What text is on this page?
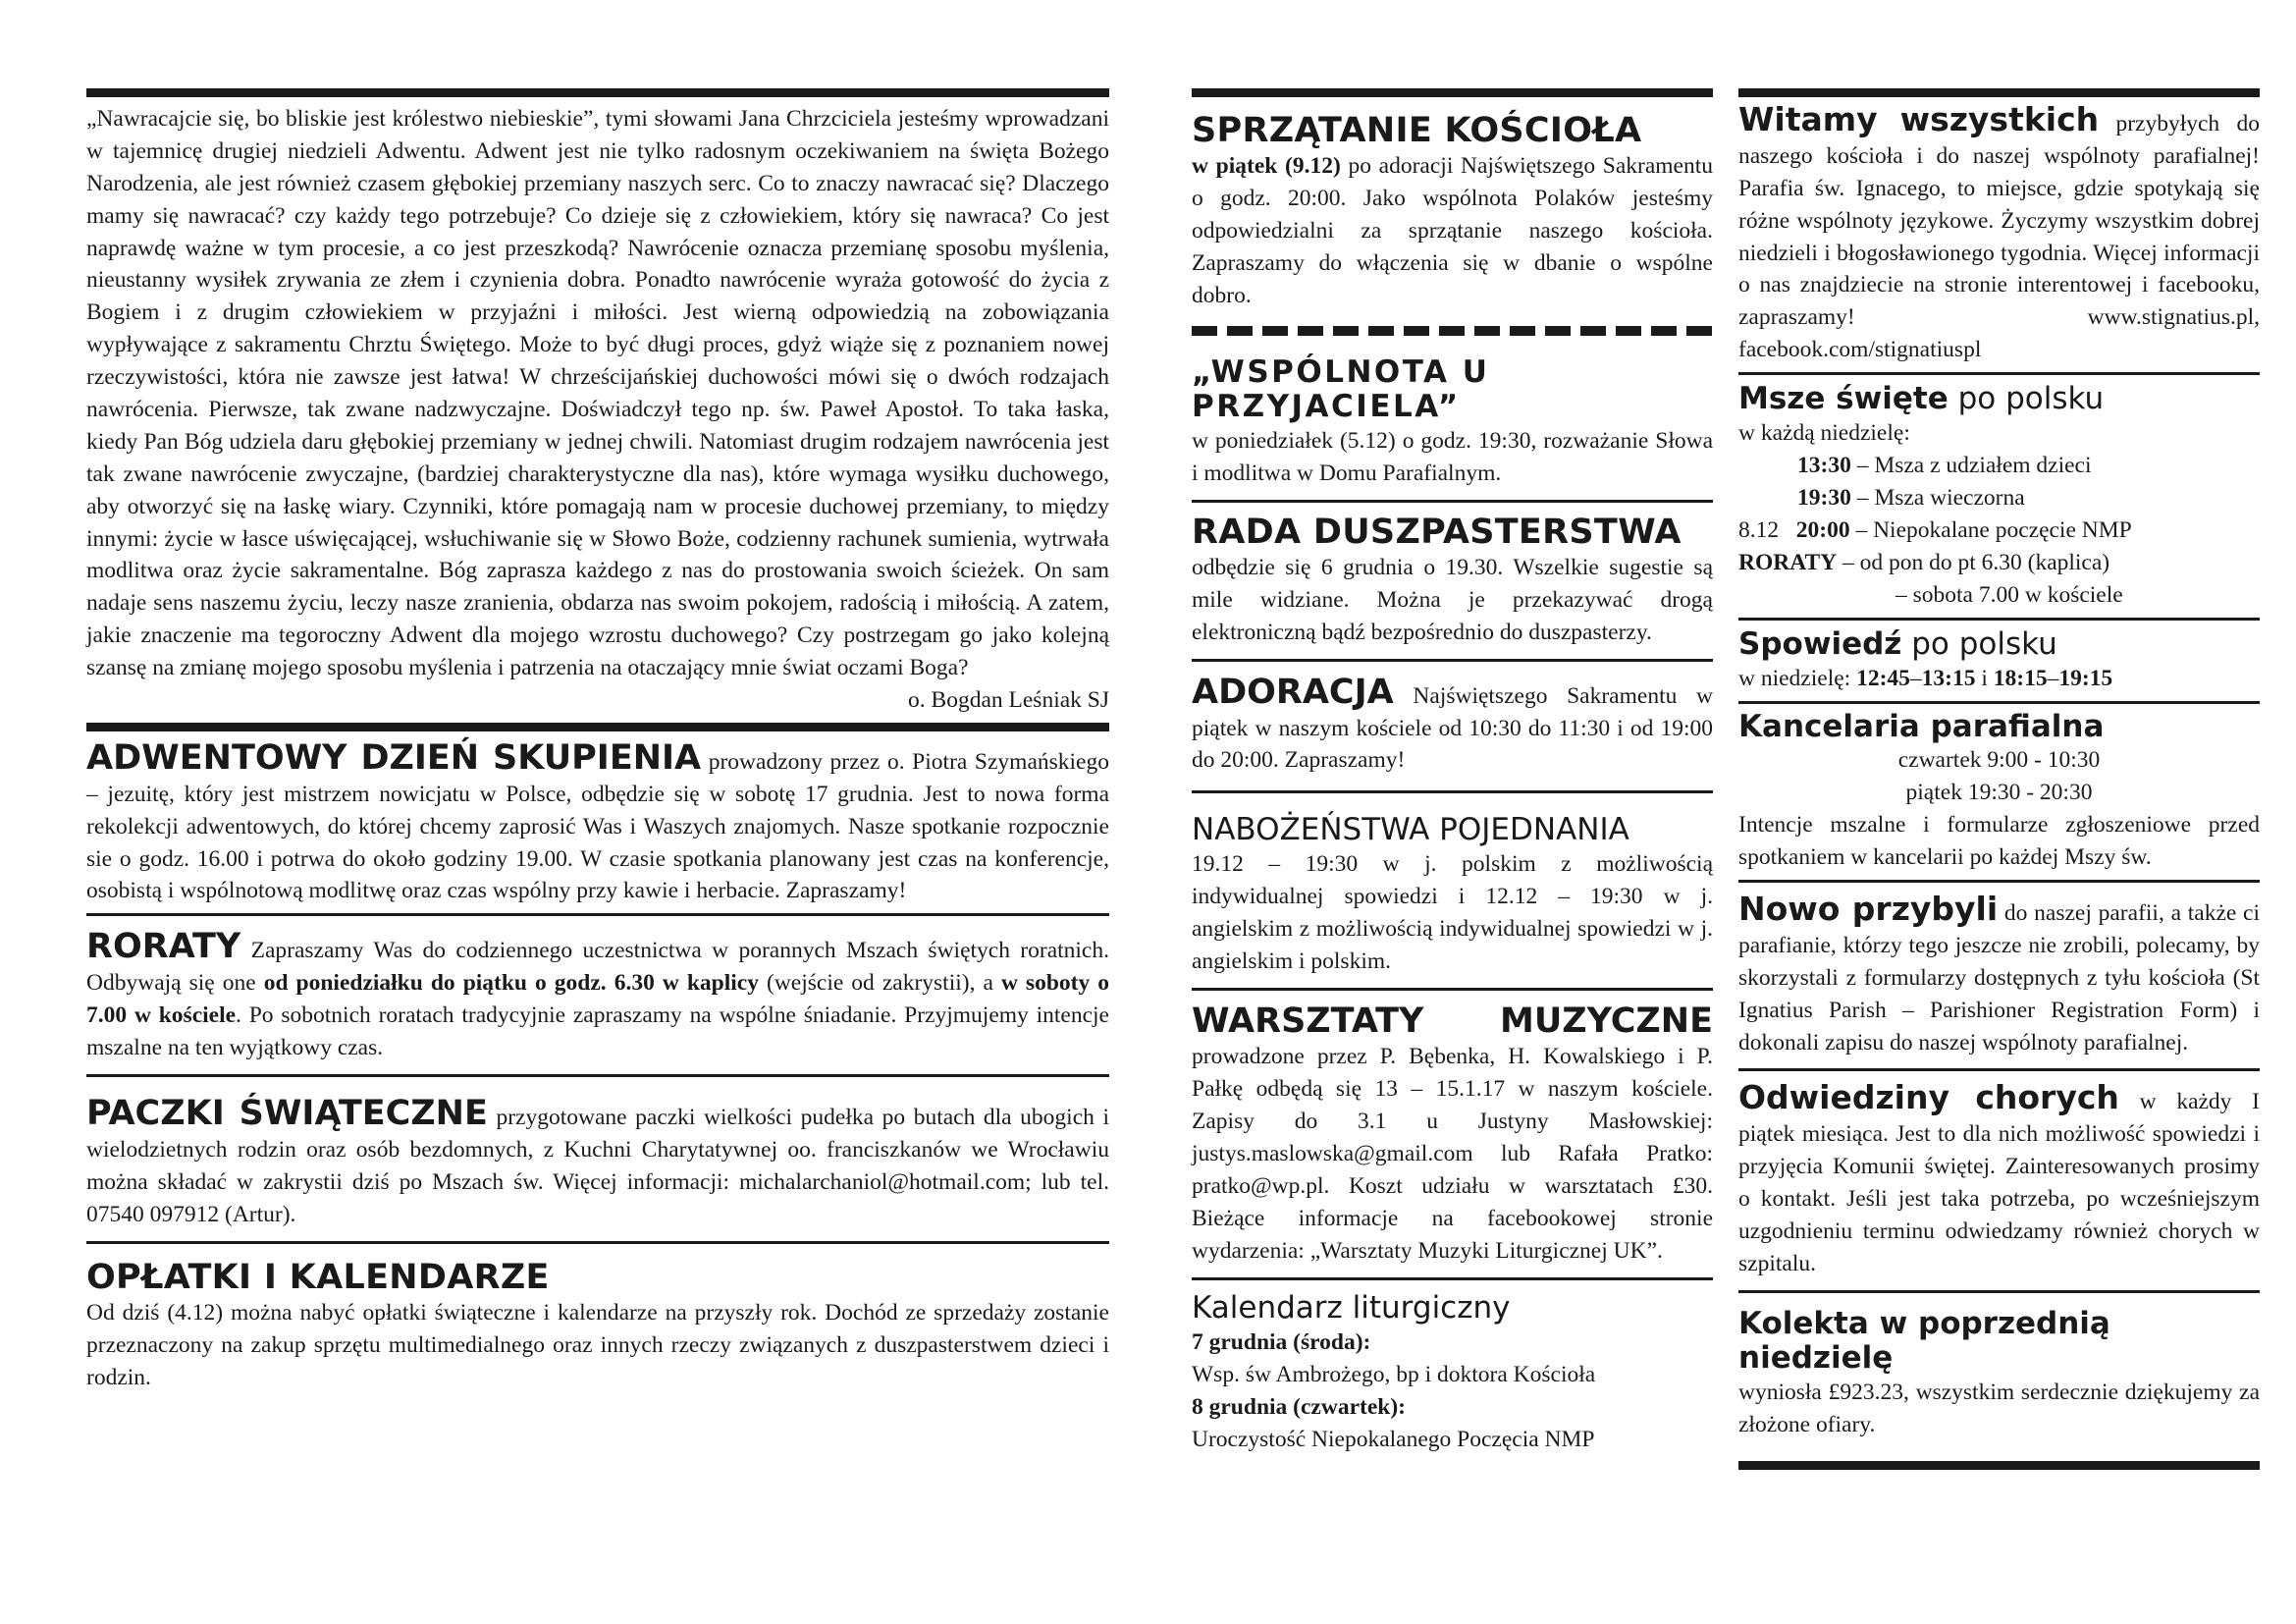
„Nawracajcie się, bo bliskie jest królestwo niebieskie”, tymi słowami Jana Chrzciciela jesteśmy wprowadzani w tajemnicę drugiej niedzieli Adwentu. Adwent jest nie tylko radosnym oczekiwaniem na święta Bożego Narodzenia, ale jest również czasem głębokiej przemiany naszych serc. Co to znaczy nawracać się? Dlaczego mamy się nawracać? czy każdy tego potrzebuje? Co dzieje się z człowiekiem, który się nawraca? Co jest naprawdę ważne w tym procesie, a co jest przeszkodą? Nawrócenie oznacza przemianę sposobu myślenia, nieustanny wysiłek zrywania ze złem i czynienia dobra. Ponadto nawrócenie wyraża gotowość do życia z Bogiem i z drugim człowiekiem w przyjaźni i miłości. Jest wierną odpowiedzią na zobowiązania wypływające z sakramentu Chrztu Świętego. Może to być długi proces, gdyż wiąże się z poznaniem nowej rzeczywistości, która nie zawsze jest łatwa! W chrześcijańskiej duchowości mówi się o dwóch rodzajach nawrócenia. Pierwsze, tak zwane nadzwyczajne. Doświadczył tego np. św. Paweł Apostoł. To taka łaska, kiedy Pan Bóg udziela daru głębokiej przemiany w jednej chwili. Natomiast drugim rodzajem nawrócenia jest tak zwane nawrócenie zwyczajne, (bardziej charakterystyczne dla nas), które wymaga wysiłku duchowego, aby otworzyć się na łaskę wiary. Czynniki, które pomagają nam w procesie duchowej przemiany, to między innymi: życie w łasce uświęcającej, wsłuchiwanie się w Słowo Boże, codzienny rachunek sumienia, wytrwała modlitwa oraz życie sakramentalne. Bóg zaprasza każdego z nas do prostowania swoich ścieżek. On sam nadaje sens naszemu życiu, leczy nasze zranienia, obdarza nas swoim pokojem, radością i miłością. A zatem, jakie znaczenie ma tegoroczny Adwent dla mojego wzrostu duchowego? Czy postrzegam go jako kolejną szansę na zmianę mojego sposobu myślenia i patrzenia na otaczający mnie świat oczami Boga?

o. Bogdan Leśniak SJ

ADWENTOWY DZIEŃ SKUPIENIA prowadzony przez o. Piotra Szymańskiego – jezuitę, który jest mistrzem nowicjatu w Polsce, odbędzie się w sobotę 17 grudnia. Jest to nowa forma rekolekcji adwentowych, do której chcemy zaprosić Was i Waszych znajomych. Nasze spotkanie rozpocznie sie o godz. 16.00 i potrwa do około godziny 19.00. W czasie spotkania planowany jest czas na konferencje, osobistą i wspólnotową modlitwę oraz czas wspólny przy kawie i herbacie. Zapraszamy!

RORATY Zapraszamy Was do codziennego uczestnictwa w porannych Mszach świętych roratnich. Odbywają się one od poniedziałku do piątku o godz. 6.30 w kaplicy (wejście od zakrystii), a w soboty o 7.00 w kościele. Po sobotnich roratach tradycyjnie zapraszamy na wspólne śniadanie. Przyjmujemy intencje mszalne na ten wyjątkowy czas.

PACZKI ŚWIĄTECZNE przygotowane paczki wielkości pudełka po butach dla ubogich i wielodzietnych rodzin oraz osób bezdomnych, z Kuchni Charytatywnej oo. franciszkanów we Wrocławiu można składać w zakrystii dziś po Mszach św. Więcej informacji: michalarchaniol@hotmail.com; lub tel. 07540 097912 (Artur).

OPŁATKI I KALENDARZE

Od dziś (4.12) można nabyć opłatki świąteczne i kalendarze na przyszły rok. Dochód ze sprzedaży zostanie przeznaczony na zakup sprzętu multimedialnego oraz innych rzeczy związanych z duszpasterstwem dzieci i rodzin.

SPRZĄTANIE KOŚCIOŁA

w piątek (9.12) po adoracji Najświętszego Sakramentu o godz. 20:00. Jako wspólnota Polaków jesteśmy odpowiedzialni za sprzątanie naszego kościoła. Zapraszamy do włączenia się w dbanie o wspólne dobro.

„WSPÓLNOTA U PRZYJACIELA”

w poniedziałek (5.12) o godz. 19:30, rozważanie Słowa i modlitwa w Domu Parafialnym.

RADA DUSZPASTERSTWA

odbędzie się 6 grudnia o 19.30. Wszelkie sugestie są mile widziane. Można je przekazywać drogą elektroniczną bądź bezpośrednio do duszpasterzy.

ADORACJA Najświętszego Sakramentu w piątek w naszym kościele od 10:30 do 11:30 i od 19:00 do 20:00. Zapraszamy!

NABOŻEŃSTWA POJEDNANIA

19.12 – 19:30 w j. polskim z możliwością indywidualnej spowiedzi i 12.12 – 19:30 w j. angielskim z możliwością indywidualnej spowiedzi w j. angielskim i polskim.

WARSZTATY MUZYCZNE prowadzone przez P. Bębenka, H. Kowalskiego i P. Pałkę odbędą się 13 – 15.1.17 w naszym kościele. Zapisy do 3.1 u Justyny Masłowskiej: justys.maslowska@gmail.com lub Rafała Pratko: pratko@wp.pl. Koszt udziału w warsztatach £30. Bieżące informacje na facebookowej stronie wydarzenia: „Warsztaty Muzyki Liturgicznej UK”.

Kalendarz liturgiczny
7 grudnia (środa):
Wsp. św Ambrożego, bp i doktora Kościoła
8 grudnia (czwartek):
Uroczystość Niepokalanego Poczęcia NMP

Witamy wszystkich przybyłych do naszego kościoła i do naszej wspólnoty parafialnej! Parafia św. Ignacego, to miejsce, gdzie spotykają się różne wspólnoty językowe. Życzymy wszystkim dobrej niedzieli i błogosławionego tygodnia. Więcej informacji o nas znajdziecie na stronie interentowej i facebooku, zapraszamy! www.stignatius.pl, facebook.com/stignatiuspl

Msze święte po polsku
w każdą niedzielę:
13:30 – Msza z udziałem dzieci
19:30 – Msza wieczorna
8.12 20:00 – Niepokalane poczęcie NMP
RORATY – od pon do pt 6.30 (kaplica)
– sobota 7.00 w kościele
Spowiedź po polsku
w niedzielę: 12:45–13:15 i 18:15–19:15
Kancelaria parafialna
czwartek 9:00 - 10:30
piątek 19:30 - 20:30

Intencje mszalne i formularze zgłoszeniowe przed spotkaniem w kancelarii po każdej Mszy św.

Nowo przybyli do naszej parafii, a także ci parafianie, którzy tego jeszcze nie zrobili, polecamy, by skorzystali z formularzy dostępnych z tyłu kościoła (St Ignatius Parish – Parishioner Registration Form) i dokonali zapisu do naszej wspólnoty parafialnej.

Odwiedziny chorych w każdy I piątek miesiąca. Jest to dla nich możliwość spowiedzi i przyjęcia Komunii świętej. Zainteresowanych prosimy o kontakt. Jeśli jest taka potrzeba, po wcześniejszym uzgodnieniu terminu odwiedzamy również chorych w szpitalu.

Kolekta w poprzednią niedzielę

wyniosła £923.23, wszystkim serdecznie dziękujemy za złożone ofiary.
